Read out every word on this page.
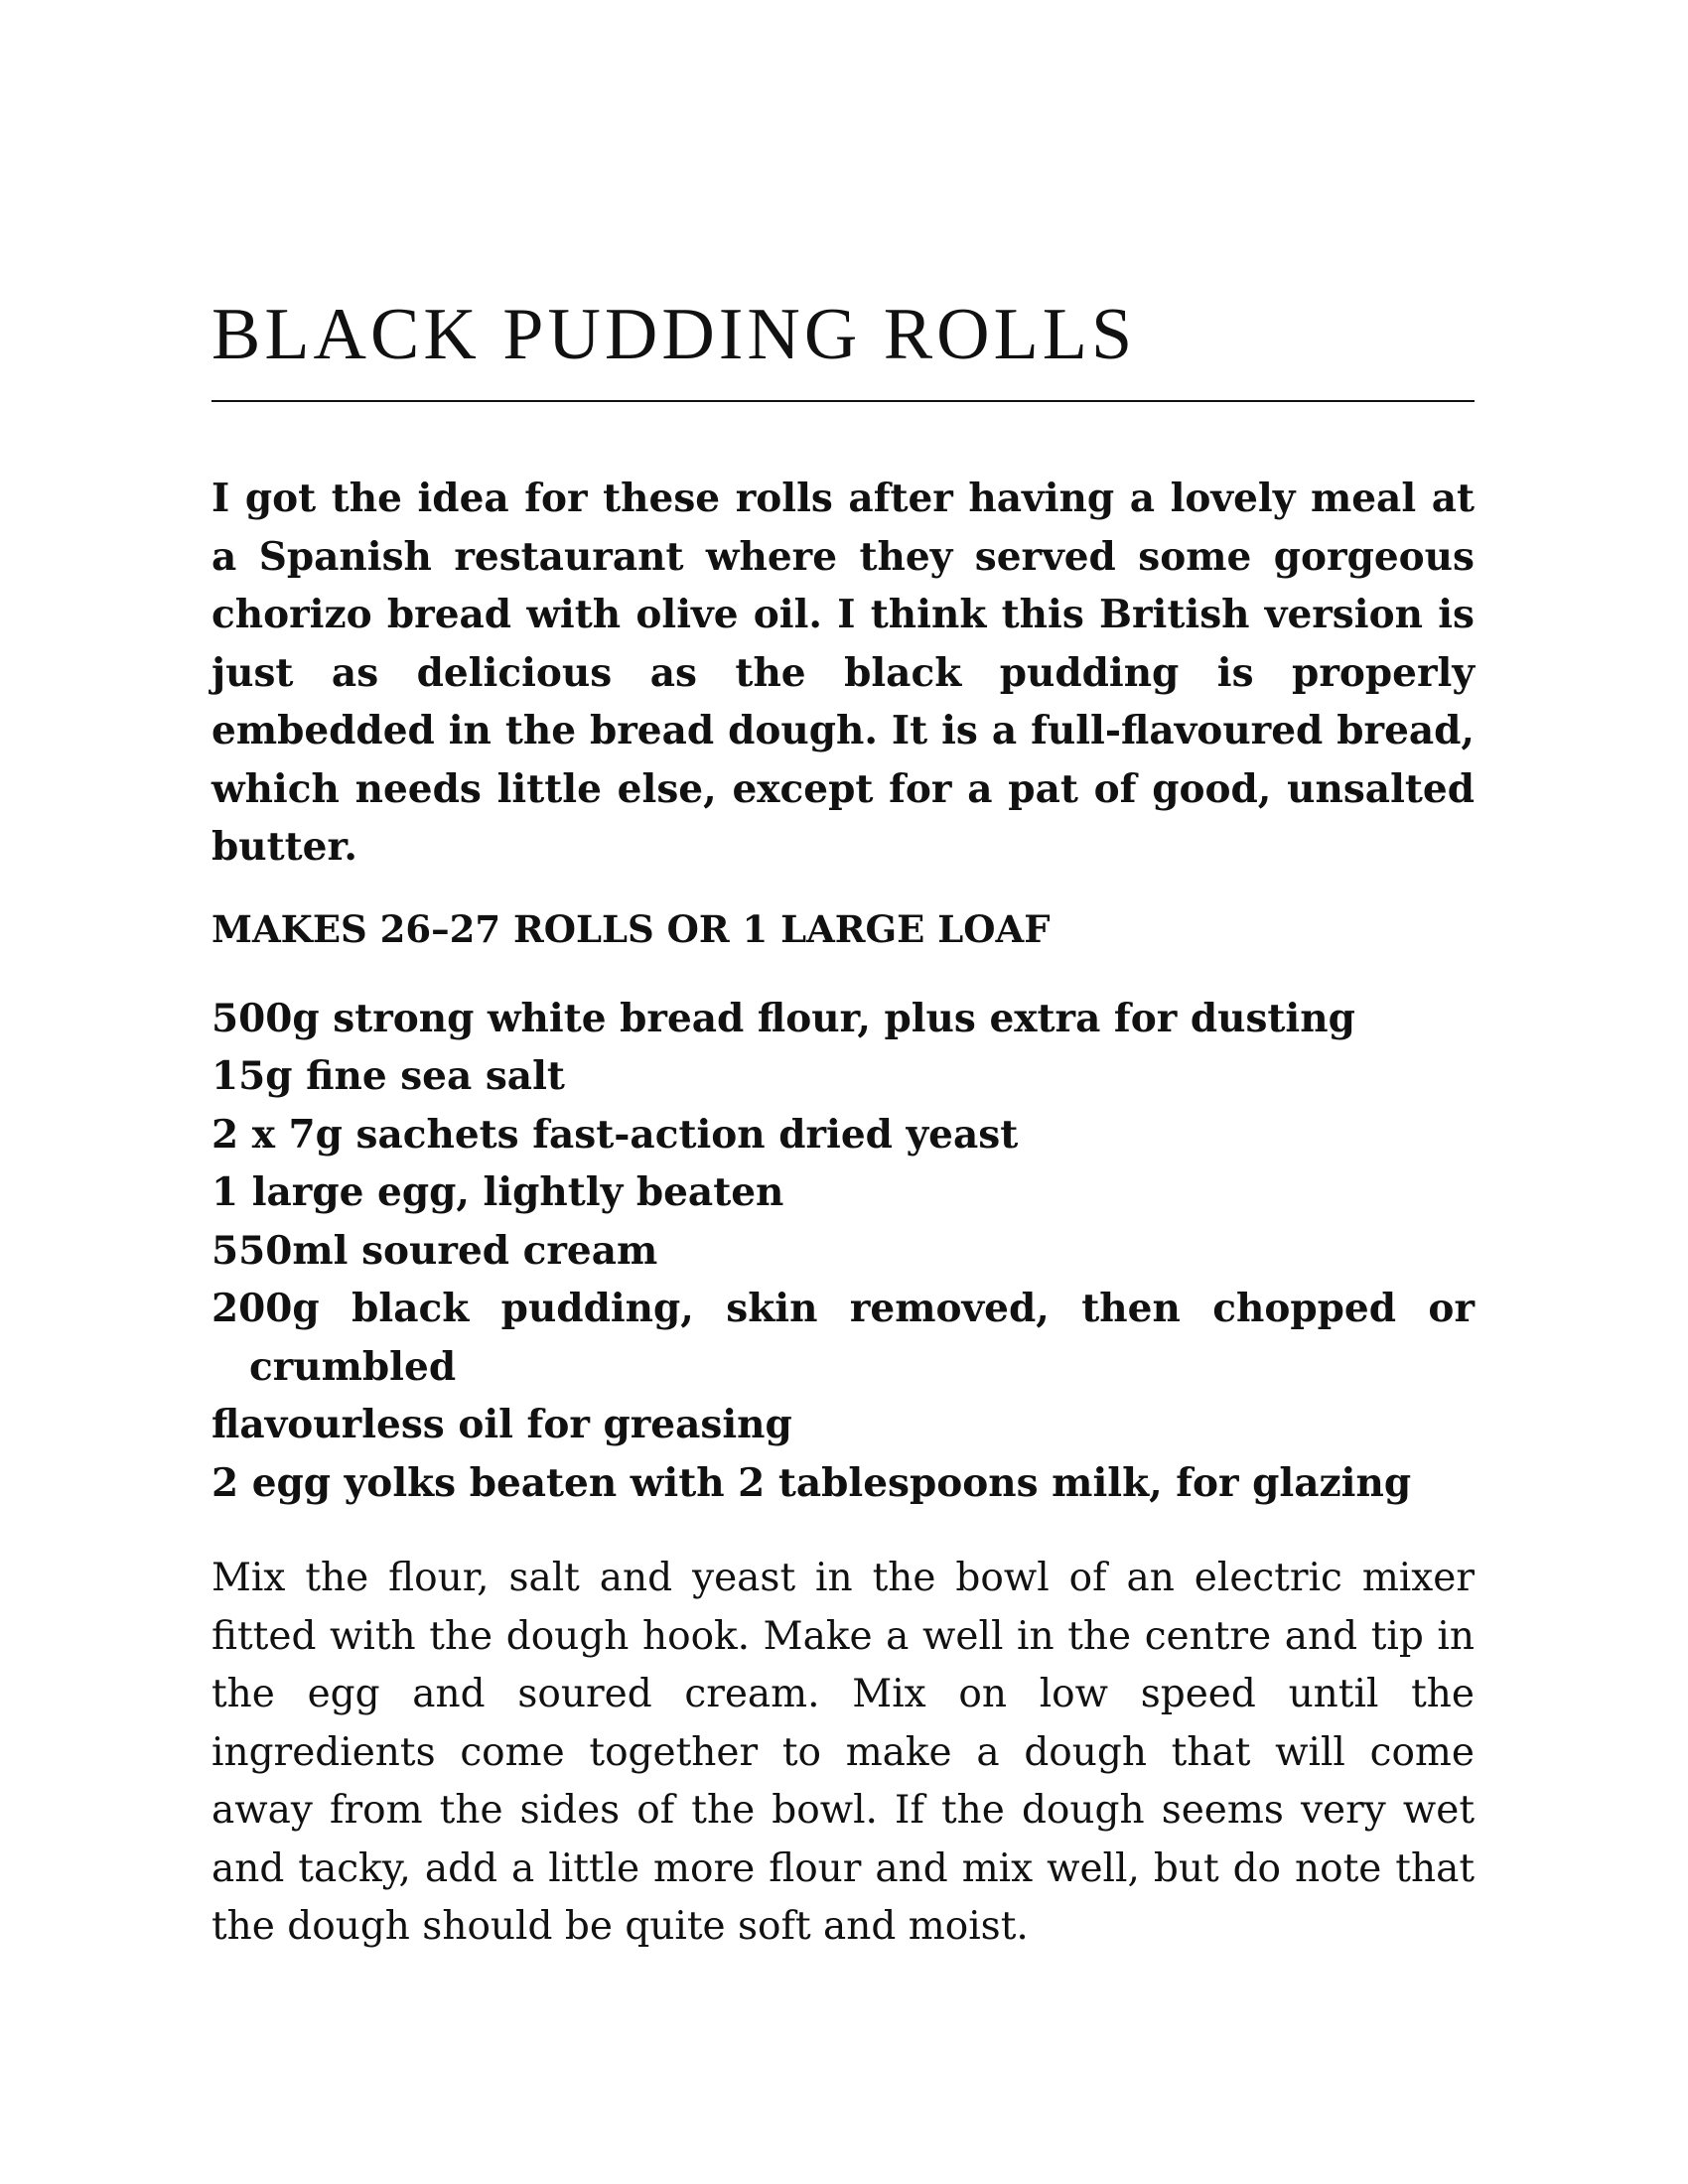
BLACK PUDDING ROLLS

I got the idea for these rolls after having a lovely meal at a Spanish restaurant where they served some gorgeous chorizo bread with olive oil. I think this British version is just as delicious as the black pudding is properly embedded in the bread dough. It is a full-flavoured bread, which needs little else, except for a pat of good, unsalted butter.

MAKES 26–27 ROLLS OR 1 LARGE LOAF

500g strong white bread flour, plus extra for dusting
15g fine sea salt
2 x 7g sachets fast-action dried yeast
1 large egg, lightly beaten
550ml soured cream
200g black pudding, skin removed, then chopped or crumbled
flavourless oil for greasing
2 egg yolks beaten with 2 tablespoons milk, for glazing

Mix the flour, salt and yeast in the bowl of an electric mixer fitted with the dough hook. Make a well in the centre and tip in the egg and soured cream. Mix on low speed until the ingredients come together to make a dough that will come away from the sides of the bowl. If the dough seems very wet and tacky, add a little more flour and mix well, but do note that the dough should be quite soft and moist.
